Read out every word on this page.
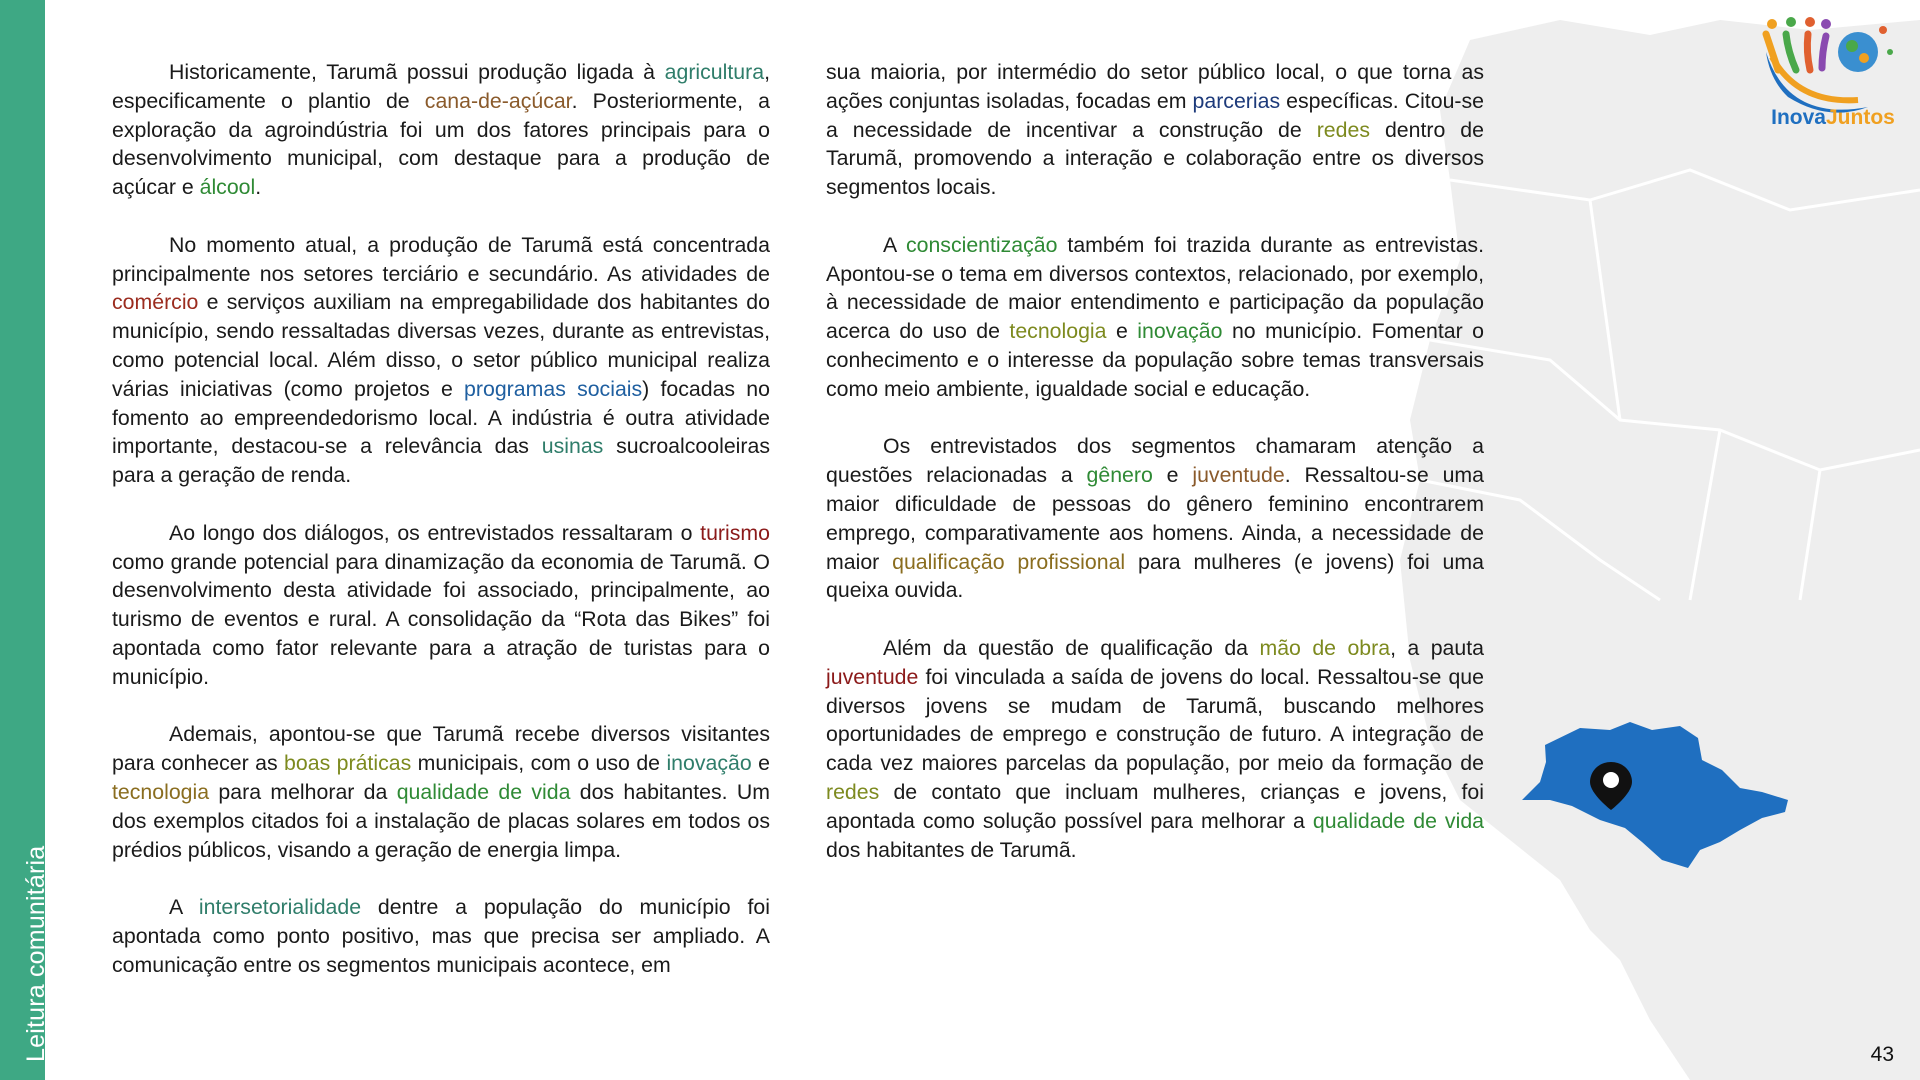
InovaJuntos
Leitura comunitária

Historicamente, Tarumã possui produção ligada à agricultura, especificamente o plantio de cana-de-açúcar. Posteriormente, a exploração da agroindústria foi um dos fatores principais para o desenvolvimento municipal, com destaque para a produção de açúcar e álcool.

No momento atual, a produção de Tarumã está concentrada principalmente nos setores terciário e secundário. As atividades de comércio e serviços auxiliam na empregabilidade dos habitantes do município, sendo ressaltadas diversas vezes, durante as entrevistas, como potencial local. Além disso, o setor público municipal realiza várias iniciativas (como projetos e programas sociais) focadas no fomento ao empreendedorismo local. A indústria é outra atividade importante, destacou-se a relevância das usinas sucroalcooleiras para a geração de renda.

Ao longo dos diálogos, os entrevistados ressaltaram o turismo como grande potencial para dinamização da economia de Tarumã. O desenvolvimento desta atividade foi associado, principalmente, ao turismo de eventos e rural. A consolidação da “Rota das Bikes” foi apontada como fator relevante para a atração de turistas para o município.

Ademais, apontou-se que Tarumã recebe diversos visitantes para conhecer as boas práticas municipais, com o uso de inovação e tecnologia para melhorar da qualidade de vida dos habitantes. Um dos exemplos citados foi a instalação de placas solares em todos os prédios públicos, visando a geração de energia limpa.

A intersetorialidade dentre a população do município foi apontada como ponto positivo, mas que precisa ser ampliado. A comunicação entre os segmentos municipais acontece, em

sua maioria, por intermédio do setor público local, o que torna as ações conjuntas isoladas, focadas em parcerias específicas. Citou-se a necessidade de incentivar a construção de redes dentro de Tarumã, promovendo a interação e colaboração entre os diversos segmentos locais.

A conscientização também foi trazida durante as entrevistas. Apontou-se o tema em diversos contextos, relacionado, por exemplo, à necessidade de maior entendimento e participação da população acerca do uso de tecnologia e inovação no município. Fomentar o conhecimento e o interesse da população sobre temas transversais como meio ambiente, igualdade social e educação.

Os entrevistados dos segmentos chamaram atenção a questões relacionadas a gênero e juventude. Ressaltou-se uma maior dificuldade de pessoas do gênero feminino encontrarem emprego, comparativamente aos homens. Ainda, a necessidade de maior qualificação profissional para mulheres (e jovens) foi uma queixa ouvida.

Além da questão de qualificação da mão de obra, a pauta juventude foi vinculada a saída de jovens do local. Ressaltou-se que diversos jovens se mudam de Tarumã, buscando melhores oportunidades de emprego e construção de futuro. A integração de cada vez maiores parcelas da população, por meio da formação de redes de contato que incluam mulheres, crianças e jovens, foi apontada como solução possível para melhorar a qualidade de vida dos habitantes de Tarumã.

43
